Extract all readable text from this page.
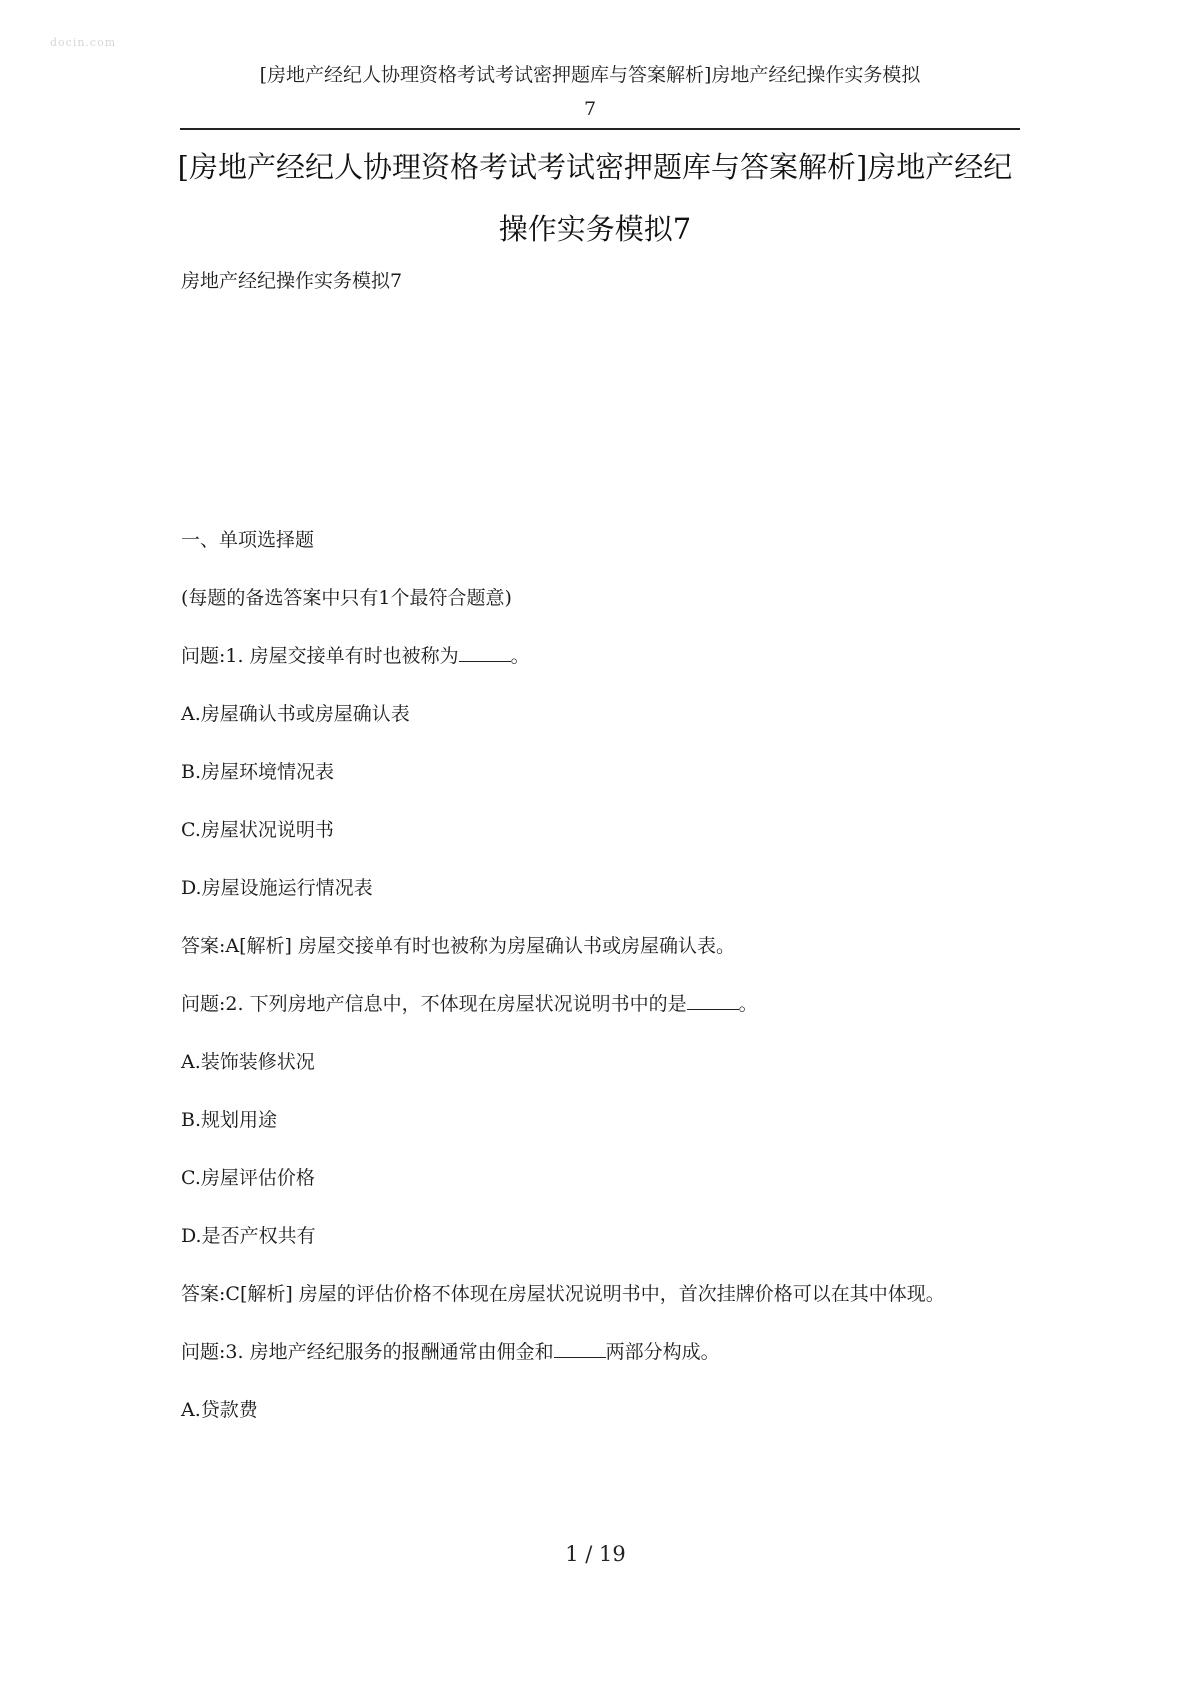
docin.com
[房地产经纪人协理资格考试考试密押题库与答案解析]房地产经纪操作实务模拟
7
[房地产经纪人协理资格考试考试密押题库与答案解析]房地产经纪
操作实务模拟7
房地产经纪操作实务模拟7
一、单项选择题
(每题的备选答案中只有1个最符合题意)
问题:1. 房屋交接单有时也被称为	。
A.房屋确认书或房屋确认表
B.房屋环境情况表
C.房屋状况说明书
D.房屋设施运行情况表
答案:A[解析] 房屋交接单有时也被称为房屋确认书或房屋确认表。
问题:2. 下列房地产信息中，不体现在房屋状况说明书中的是	。
A.装饰装修状况
B.规划用途
C.房屋评估价格
D.是否产权共有
答案:C[解析] 房屋的评估价格不体现在房屋状况说明书中，首次挂牌价格可以在其中体现。
问题:3. 房地产经纪服务的报酬通常由佣金和	两部分构成。
A.贷款费
1 / 19
